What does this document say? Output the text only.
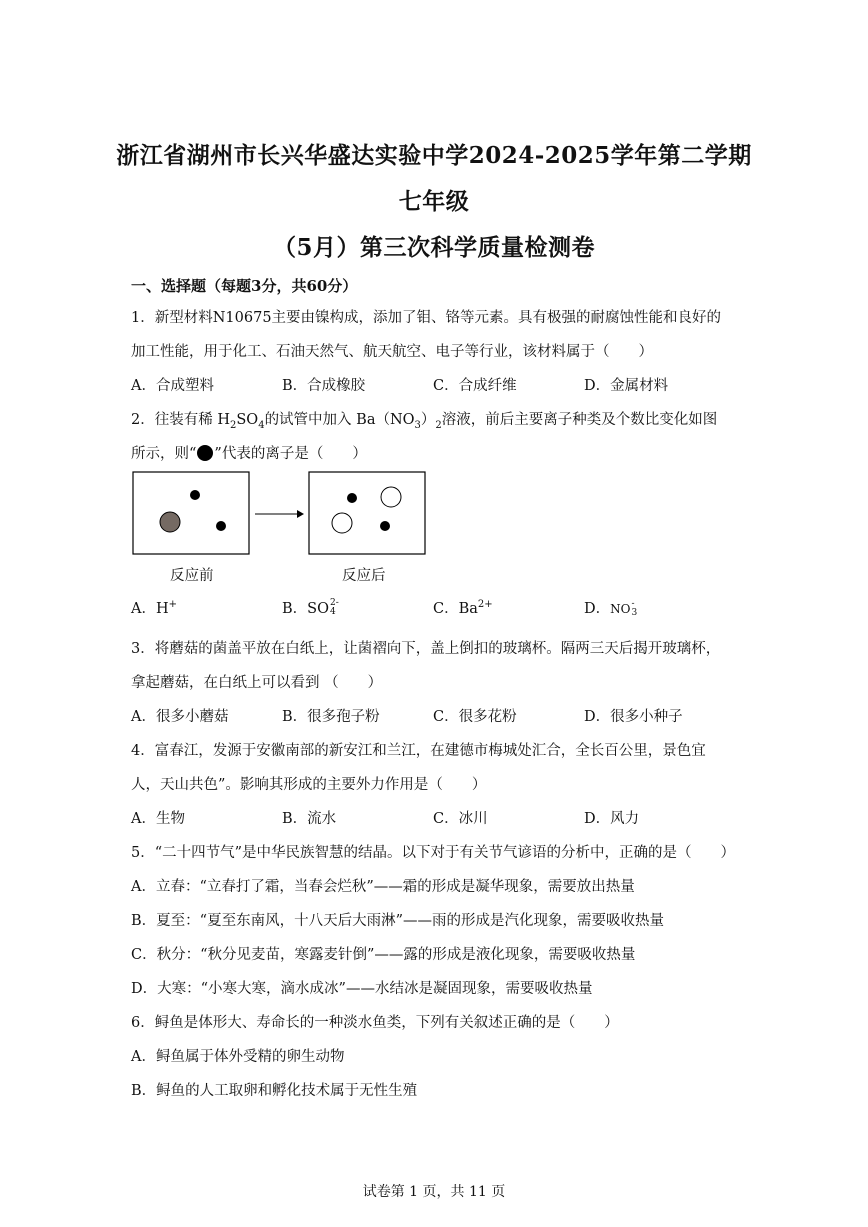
浙江省湖州市长兴华盛达实验中学2024-2025学年第二学期
七年级
（5月）第三次科学质量检测卷
一、选择题（每题3分，共60分）
1．新型材料N10675主要由镍构成，添加了钼、铬等元素。具有极强的耐腐蚀性能和良好的
加工性能，用于化工、石油天然气、航天航空、电子等行业，该材料属于（　　）
A．合成塑料	B．合成橡胶	C．合成纤维	D．金属材料
2．往装有稀 $H_2SO_4$的试管中加入 $Ba(NO_3)_2$溶液，前后主要离子种类及个数比变化如图
所示，则“ ”代表的离子是（　　）
反应前	反应后
A．H+	B．SO 2-
4	C．$Ba^{2+}$	D． NO -
3
3．将蘑菇的菌盖平放在白纸上，让菌褶向下，盖上倒扣的玻璃杯。隔两三天后揭开玻璃杯，
拿起蘑菇，在白纸上可以看到 （　　）
A．很多小蘑菇	B．很多孢子粉	C．很多花粉	D．很多小种子
4．富春江，发源于安徽南部的新安江和兰江，在建德市梅城处汇合，全长百公里，景色宜
人，天山共色”。影响其形成的主要外力作用是（　　）
A．生物	B．流水	C．冰川	D．风力
5．“二十四节气”是中华民族智慧的结晶。以下对于有关节气谚语的分析中，正确的是（　　）
A．立春：“立春打了霜，当春会烂秋”——霜的形成是凝华现象，需要放出热量
B．夏至：“夏至东南风，十八天后大雨淋”——雨的形成是汽化现象，需要吸收热量
C．秋分：“秋分见麦苗，寒露麦针倒”——露的形成是液化现象，需要吸收热量
D．大寒：“小寒大寒，滴水成冰”——水结冰是凝固现象，需要吸收热量
6．鲟鱼是体形大、寿命长的一种淡水鱼类，下列有关叙述正确的是（　　）
A．鲟鱼属于体外受精的卵生动物
B．鲟鱼的人工取卵和孵化技术属于无性生殖
试卷第 1 页，共 11 页
